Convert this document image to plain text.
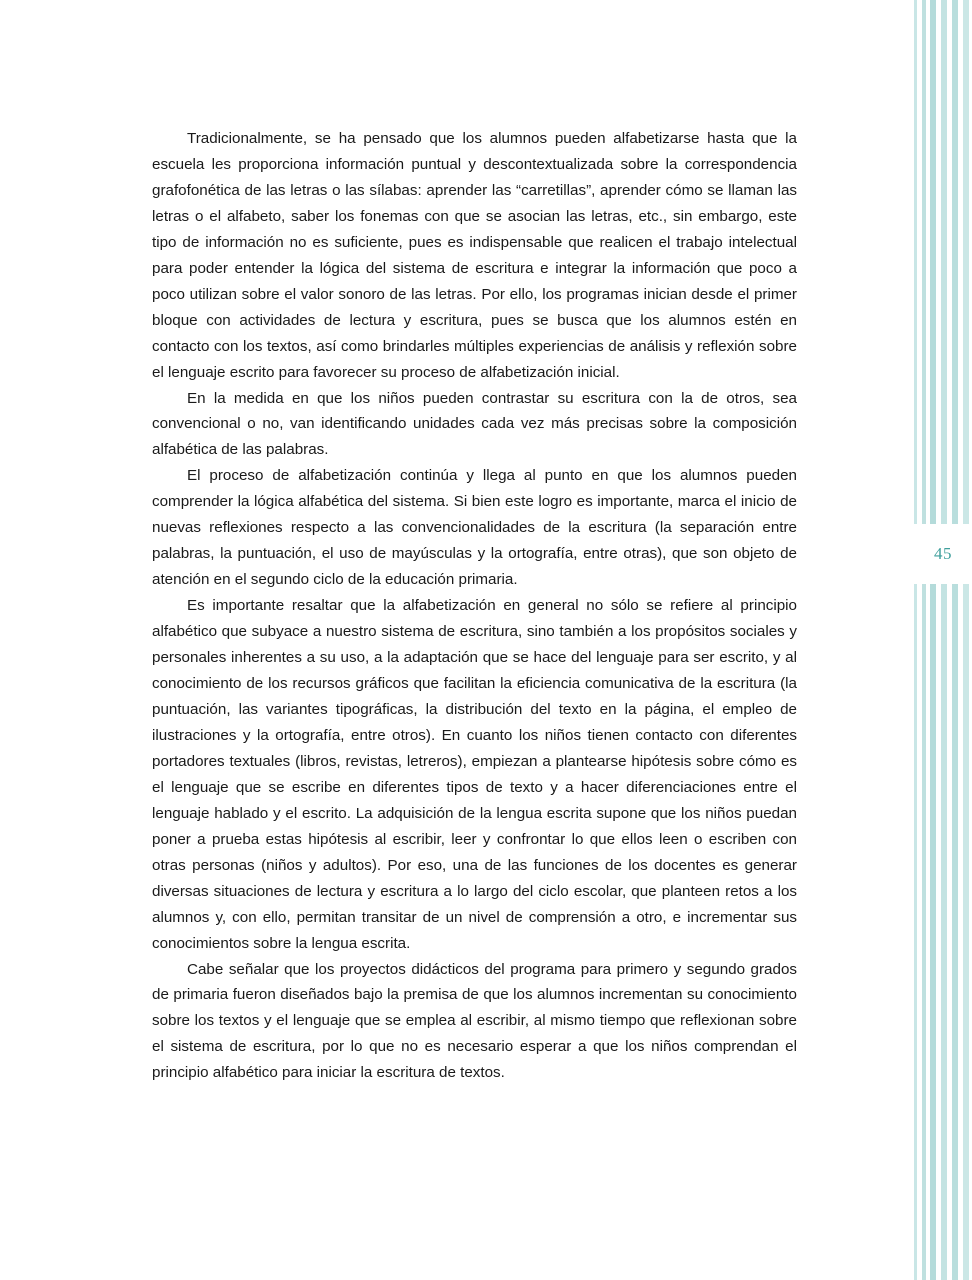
Tradicionalmente, se ha pensado que los alumnos pueden alfabetizarse hasta que la escuela les proporciona información puntual y descontextualizada sobre la correspondencia grafofonética de las letras o las sílabas: aprender las “carretillas”, aprender cómo se llaman las letras o el alfabeto, saber los fonemas con que se asocian las letras, etc., sin embargo, este tipo de información no es suficiente, pues es indispensable que realicen el trabajo intelectual para poder entender la lógica del sistema de escritura e integrar la información que poco a poco utilizan sobre el valor sonoro de las letras. Por ello, los programas inician desde el primer bloque con actividades de lectura y escritura, pues se busca que los alumnos estén en contacto con los textos, así como brindarles múltiples experiencias de análisis y reflexión sobre el lenguaje escrito para favorecer su proceso de alfabetización inicial.

En la medida en que los niños pueden contrastar su escritura con la de otros, sea convencional o no, van identificando unidades cada vez más precisas sobre la composición alfabética de las palabras.

El proceso de alfabetización continúa y llega al punto en que los alumnos pueden comprender la lógica alfabética del sistema. Si bien este logro es importante, marca el inicio de nuevas reflexiones respecto a las convencionalidades de la escritura (la separación entre palabras, la puntuación, el uso de mayúsculas y la ortografía, entre otras), que son objeto de atención en el segundo ciclo de la educación primaria.

Es importante resaltar que la alfabetización en general no sólo se refiere al principio alfabético que subyace a nuestro sistema de escritura, sino también a los propósitos sociales y personales inherentes a su uso, a la adaptación que se hace del lenguaje para ser escrito, y al conocimiento de los recursos gráficos que facilitan la eficiencia comunicativa de la escritura (la puntuación, las variantes tipográficas, la distribución del texto en la página, el empleo de ilustraciones y la ortografía, entre otros). En cuanto los niños tienen contacto con diferentes portadores textuales (libros, revistas, letreros), empiezan a plantearse hipótesis sobre cómo es el lenguaje que se escribe en diferentes tipos de texto y a hacer diferenciaciones entre el lenguaje hablado y el escrito. La adquisición de la lengua escrita supone que los niños puedan poner a prueba estas hipótesis al escribir, leer y confrontar lo que ellos leen o escriben con otras personas (niños y adultos). Por eso, una de las funciones de los docentes es generar diversas situaciones de lectura y escritura a lo largo del ciclo escolar, que planteen retos a los alumnos y, con ello, permitan transitar de un nivel de comprensión a otro, e incrementar sus conocimientos sobre la lengua escrita.

Cabe señalar que los proyectos didácticos del programa para primero y segundo grados de primaria fueron diseñados bajo la premisa de que los alumnos incrementan su conocimiento sobre los textos y el lenguaje que se emplea al escribir, al mismo tiempo que reflexionan sobre el sistema de escritura, por lo que no es necesario esperar a que los niños comprendan el principio alfabético para iniciar la escritura de textos.

45
